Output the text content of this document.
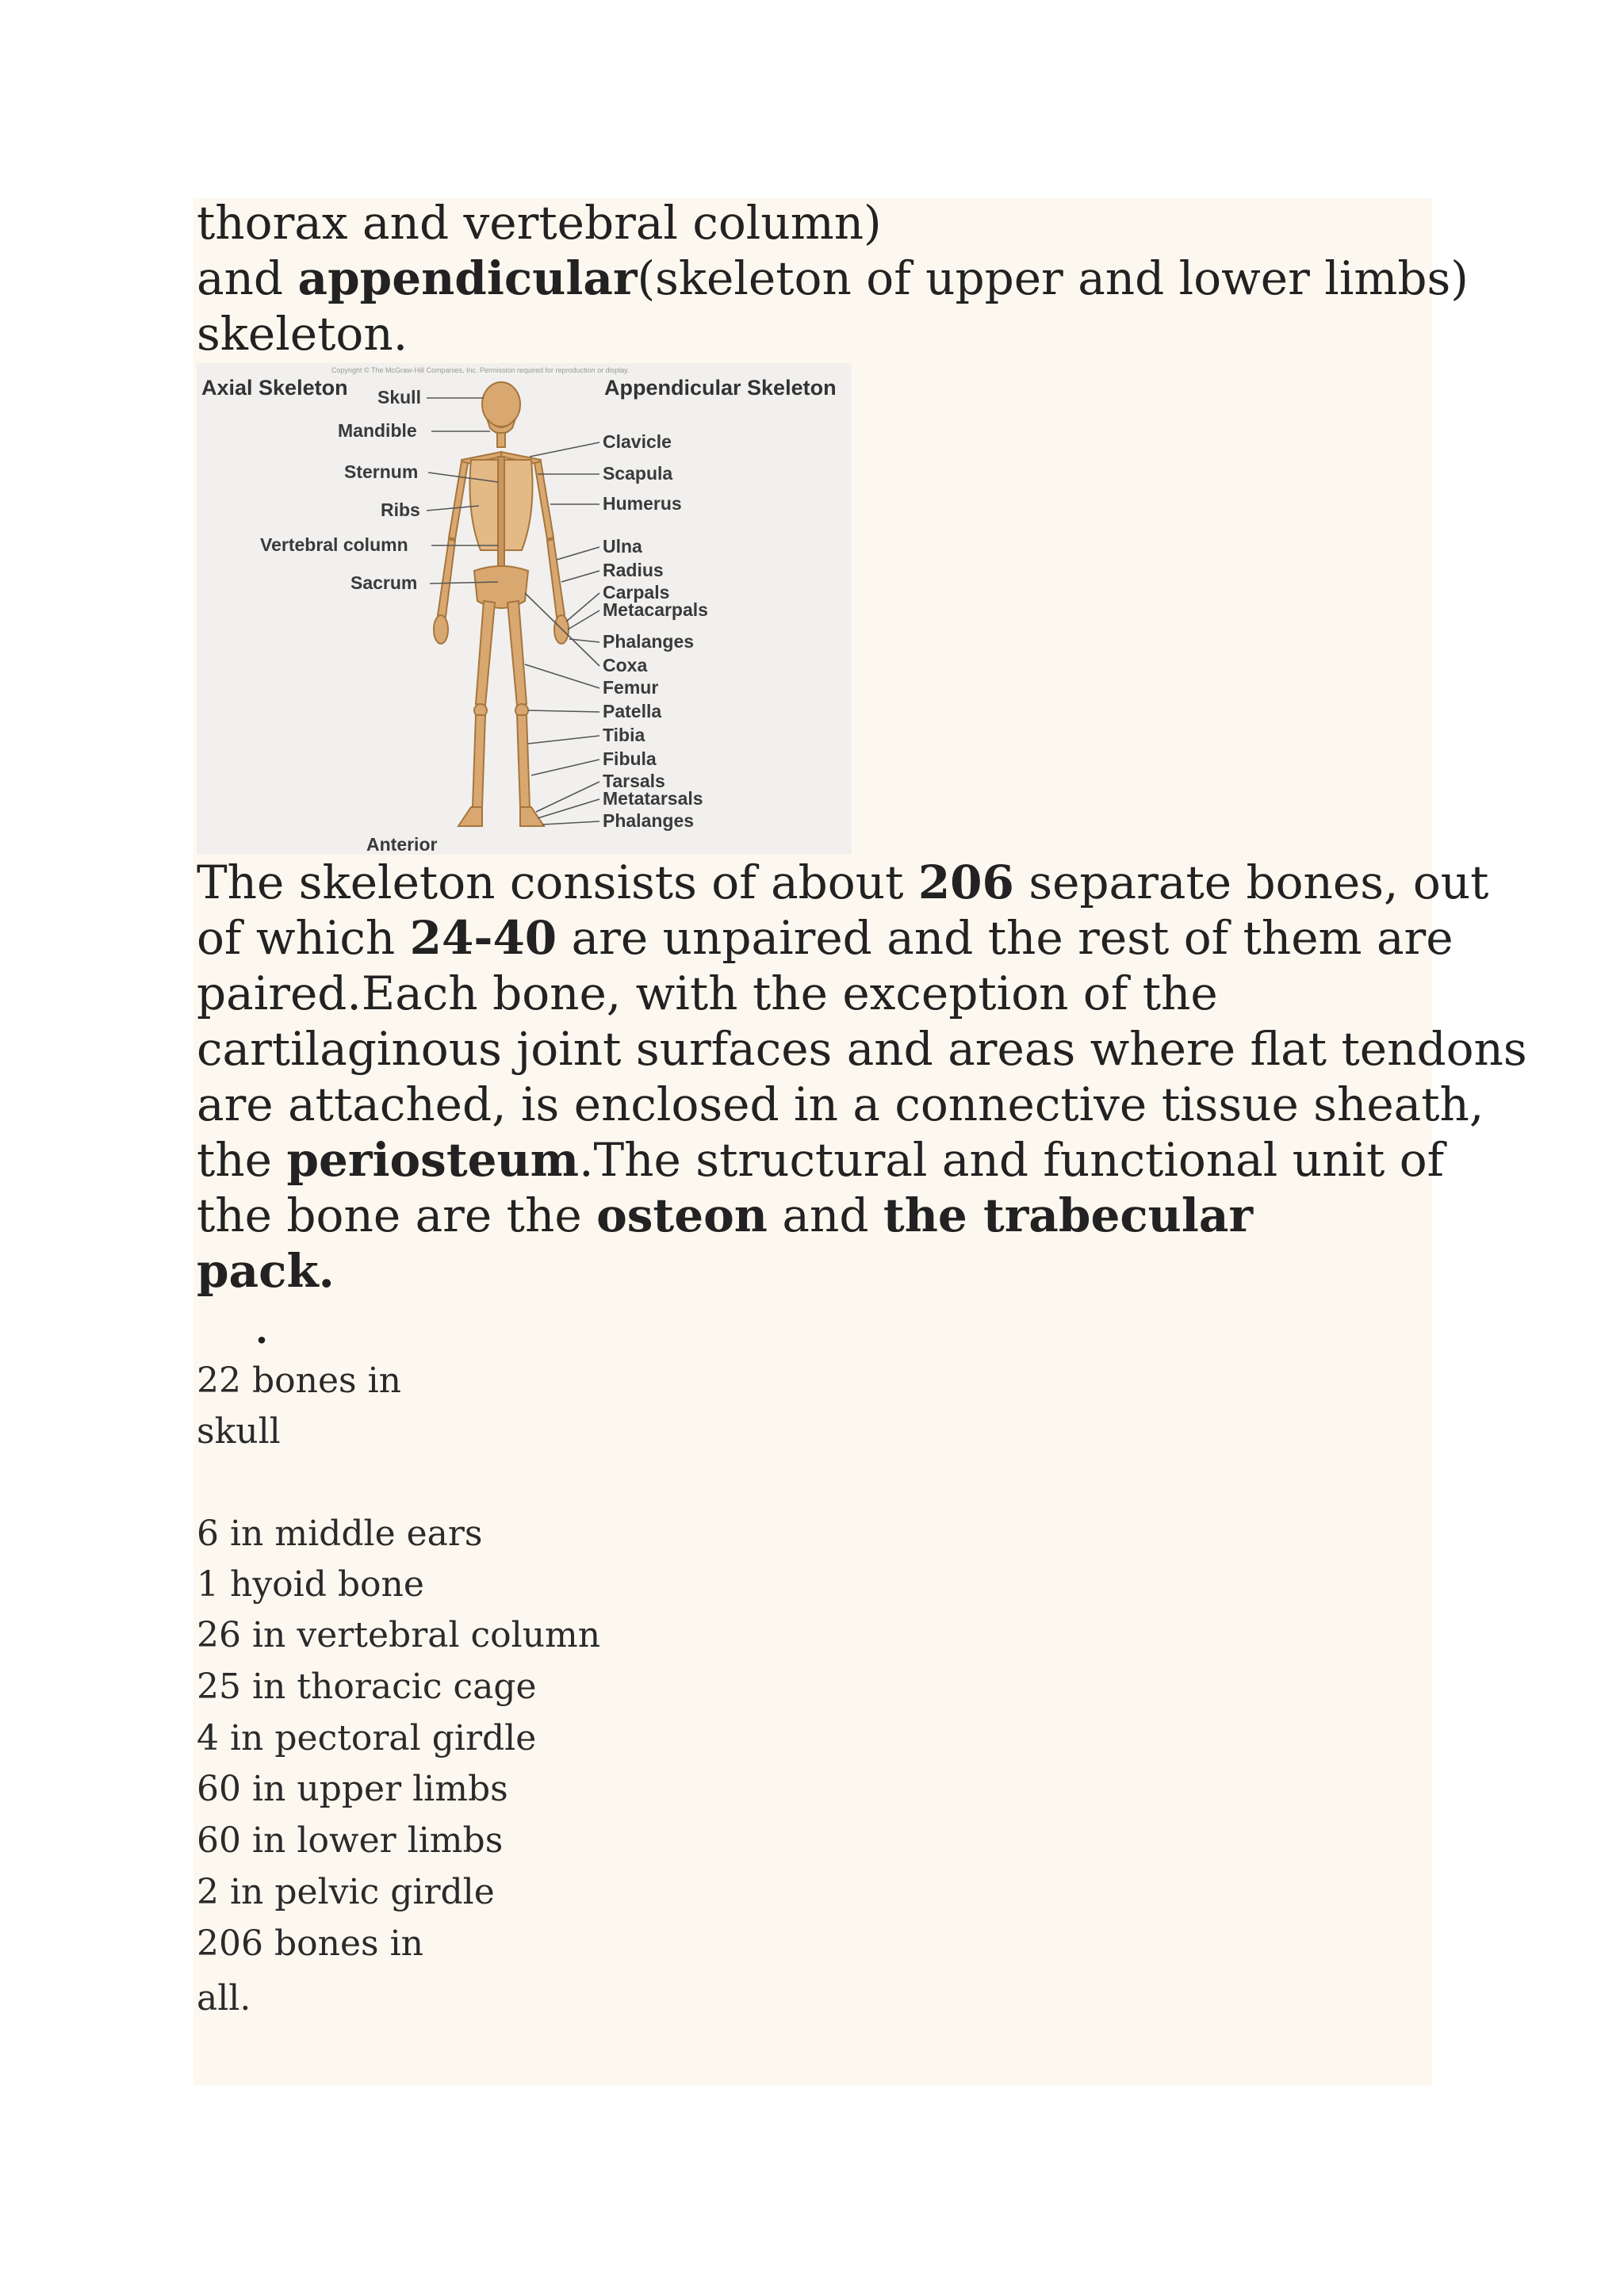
thorax and vertebral column)
and appendicular(skeleton of upper and lower limbs)
skeleton.
Copyright © The McGraw-Hill Companies, Inc. Permission required for reproduction or display.
Axial Skeleton	Appendicular Skeleton
Skull
Mandible
Sternum
Ribs
Vertebral column
Sacrum
Clavicle
Scapula
Humerus
Ulna
Radius
Carpals
Metacarpals
Phalanges
Coxa
Femur
Patella
Tibia
Fibula
Tarsals
Metatarsals
Phalanges
Anterior
The skeleton consists of about 206 separate bones, out
of which 24-40 are unpaired and the rest of them are
paired.Each bone, with the exception of the
cartilaginous joint surfaces and areas where flat tendons
are attached, is enclosed in a connective tissue sheath,
the periosteum.The structural and functional unit of
the bone are the osteon and the trabecular
pack.
.
22 bones in
skull
6 in middle ears
1 hyoid bone
26 in vertebral column
25 in thoracic cage
4 in pectoral girdle
60 in upper limbs
60 in lower limbs
2 in pelvic girdle
206 bones in
all.
